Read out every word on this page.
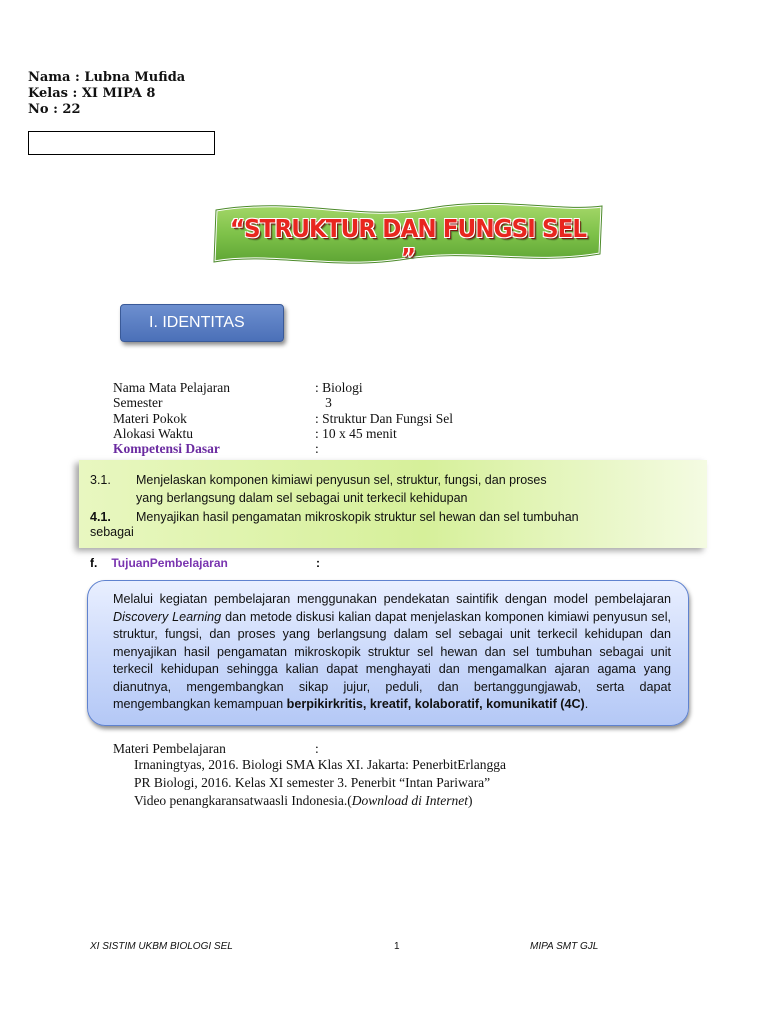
Nama : Lubna Mufida
Kelas : XI MIPA 8
No : 22
“STRUKTUR DAN FUNGSI SEL ”
I. IDENTITAS
Nama Mata Pelajaran	: Biologi
Semester	3
Materi Pokok	: Struktur Dan Fungsi Sel
Alokasi Waktu	: 10 x 45 menit
Kompetensi Dasar	:
3.1. Menjelaskan komponen kimiawi penyusun sel, struktur, fungsi, dan proses
yang berlangsung dalam sel sebagai unit terkecil kehidupan
4.1. Menyajikan hasil pengamatan mikroskopik struktur sel hewan dan sel tumbuhan
sebagai
f. TujuanPembelajaran	:
Melalui kegiatan pembelajaran menggunakan pendekatan saintifik dengan model pembelajaran Discovery Learning dan metode diskusi kalian dapat menjelaskan komponen kimiawi penyusun sel, struktur, fungsi, dan proses yang berlangsung dalam sel sebagai unit terkecil kehidupan dan menyajikan hasil pengamatan mikroskopik struktur sel hewan dan sel tumbuhan sebagai unit terkecil kehidupan sehingga kalian dapat menghayati dan mengamalkan ajaran agama yang dianutnya, mengembangkan sikap jujur, peduli, dan bertanggungjawab, serta dapat mengembangkan kemampuan berpikirkritis, kreatif, kolaboratif, komunikatif (4C).
Materi Pembelajaran	:
Irnaningtyas, 2016. Biologi SMA Klas XI. Jakarta: PenerbitErlangga
PR Biologi, 2016. Kelas XI semester 3. Penerbit “Intan Pariwara”
Video penangkaransatwaasli Indonesia.(Download di Internet)
XI SISTIM UKBM BIOLOGI SEL	1	MIPA SMT GJL
